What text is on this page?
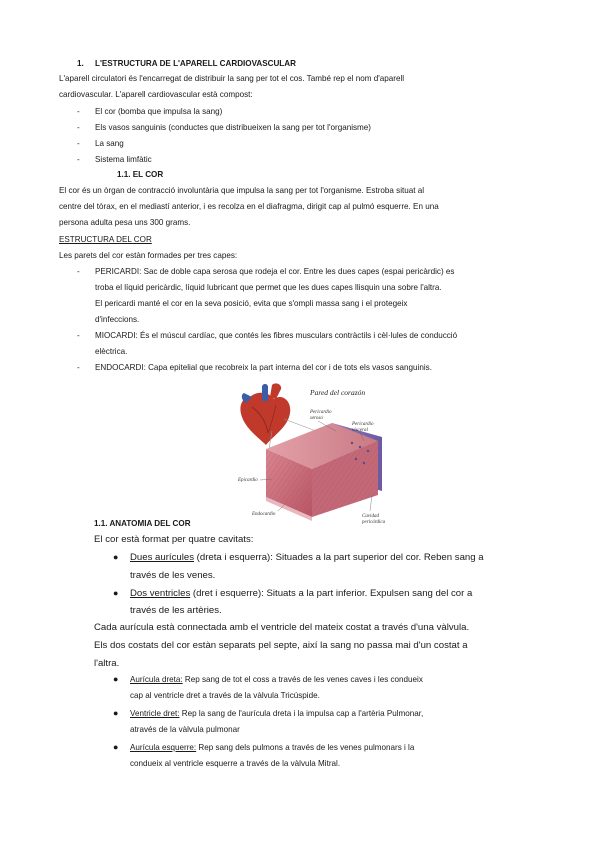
1. L'ESTRUCTURA DE L'APARELL CARDIOVASCULAR
L'aparell circulatori és l'encarregat de distribuir la sang per tot el cos. També rep el nom d'aparell
cardiovascular. L'aparell cardiovascular està compost:
- El cor (bomba que impulsa la sang)
- Els vasos sanguinis (conductes que distribueixen la sang per tot l'organisme)
- La sang
- Sistema limfàtic
1.1. EL COR
El cor és un òrgan de contracció involuntària que impulsa la sang per tot l'organisme. Estroba situat al
centre del tòrax, en el mediastí anterior, i es recolza en el diafragma, dirigit cap al pulmó esquerre. En una
persona adulta pesa uns 300 grams.
ESTRUCTURA DEL COR
Les parets del cor estàn formades per tres capes:
- PERICARDI: Sac de doble capa serosa que rodeja el cor. Entre les dues capes (espai pericàrdic) es
troba el líquid pericàrdic, líquid lubricant que permet que les dues capes llisquin una sobre l'altra.
El pericardi manté el cor en la seva posició, evita que s'ompli massa sang i el protegeix
d'infeccions.
- MIOCARDI: És el múscul cardíac, que contés les fibres musculars contràctils i cèl·lules de conducció
elèctrica.
- ENDOCARDI: Capa epitelial que recobreix la part interna del cor i de tots els vasos sanguinis.
Pared del corazón
Pericardio
seroso
Pericardio
visceral
Epicardio
Endocardio	Cavidad
pericárdica
1.1. ANATOMIA DEL COR
El cor està format per quatre cavitats:
● Dues aurícules (dreta i esquerra): Situades a la part superior del cor. Reben sang a
través de les venes.
● Dos ventricles (dret i esquerre): Situats a la part inferior. Expulsen sang del cor a
través de les artèries.
Cada aurícula està connectada amb el ventricle del mateix costat a través d'una vàlvula.
Els dos costats del cor estàn separats pel septe, així la sang no passa mai d'un costat a
l'altra.
● Aurícula dreta: Rep sang de tot el coss a través de les venes caves i les condueix
cap al ventricle dret a través de la vàlvula Tricúspide.
● Ventricle dret: Rep la sang de l'aurícula dreta i la impulsa cap a l'artèria Pulmonar,
através de la vàlvula pulmonar
● Aurícula esquerre: Rep sang dels pulmons a través de les venes pulmonars i la
condueix al ventricle esquerre a través de la vàlvula Mitral.
